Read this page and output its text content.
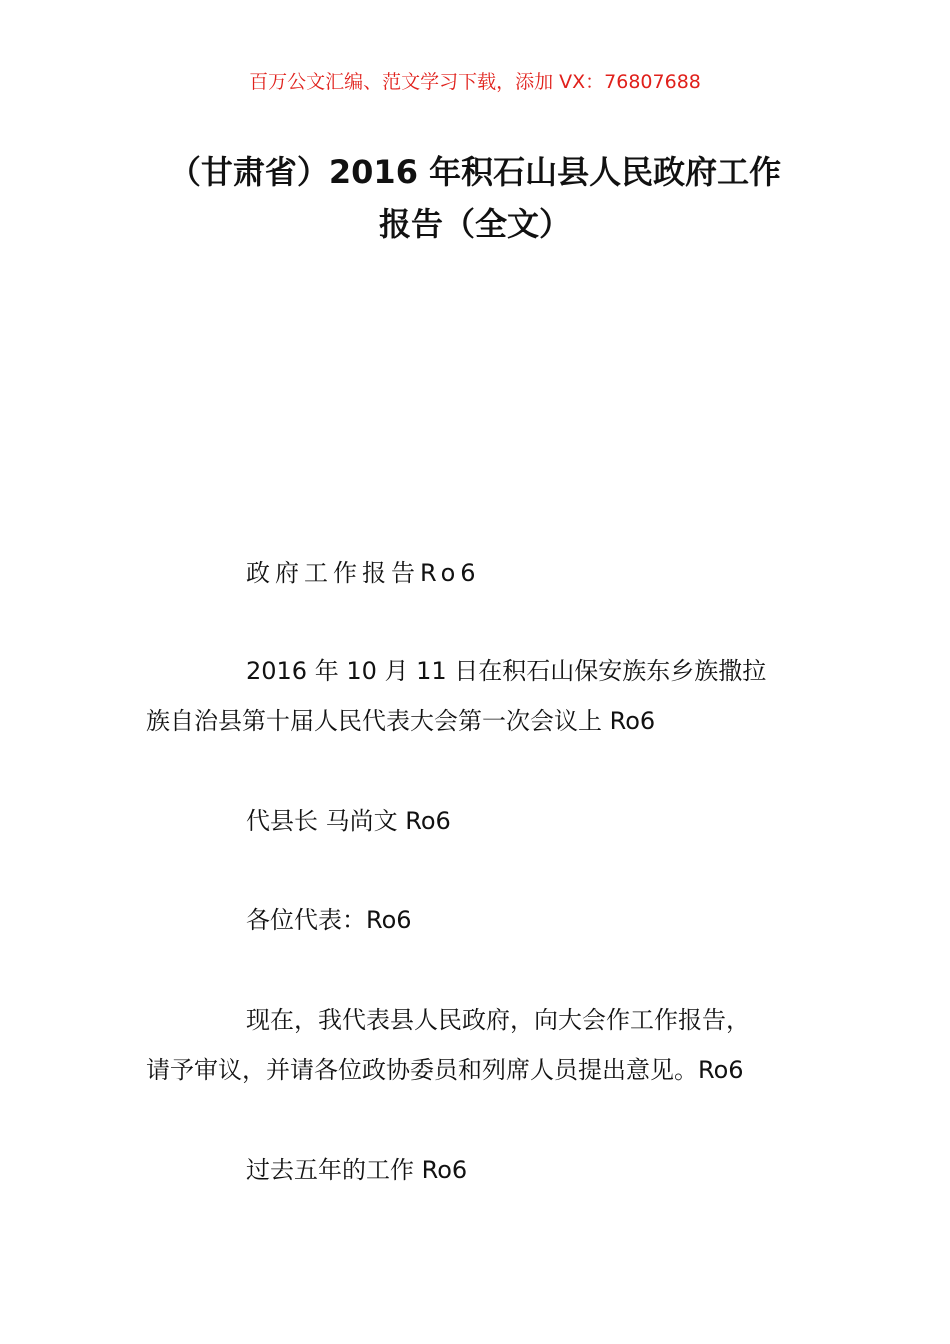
百万公文汇编、范文学习下载，添加 VX：76807688
（甘肃省）2016 年积石山县人民政府工作
报告（全文）

政府工作报告Ro6

2016 年 10 月 11 日在积石山保安族东乡族撒拉
族自治县第十届人民代表大会第一次会议上 Ro6

代县长 马尚文 Ro6

各位代表：Ro6

现在，我代表县人民政府，向大会作工作报告，
请予审议，并请各位政协委员和列席人员提出意见。Ro6

过去五年的工作 Ro6
